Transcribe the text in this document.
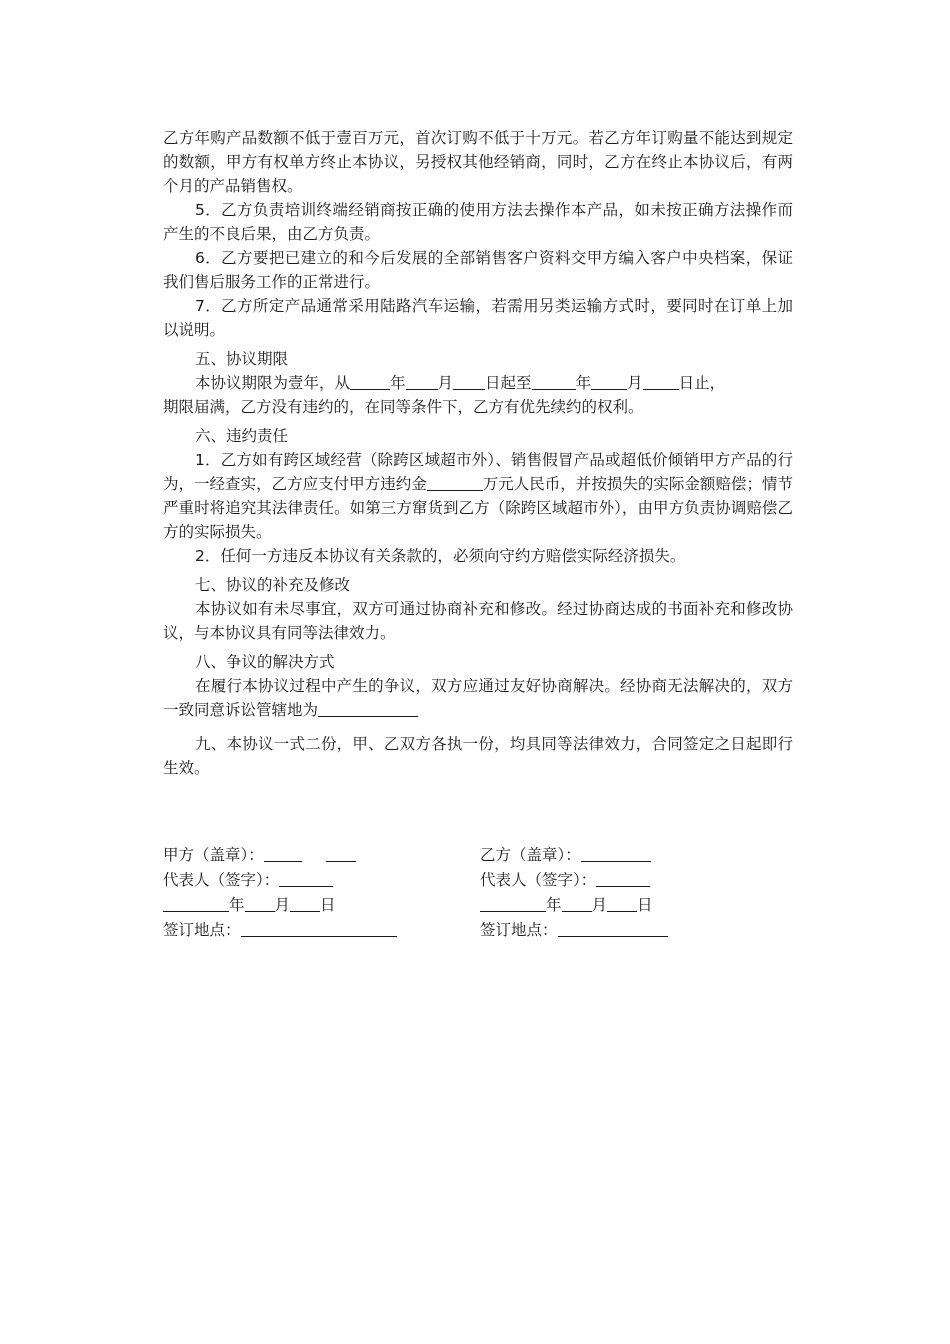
乙方年购产品数额不低于壹百万元，首次订购不低于十万元。若乙方年订购量不能达到规定的数额，甲方有权单方终止本协议，另授权其他经销商，同时，乙方在终止本协议后，有两个月的产品销售权。

5．乙方负责培训终端经销商按正确的使用方法去操作本产品，如未按正确方法操作而产生的不良后果，由乙方负责。

6．乙方要把已建立的和今后发展的全部销售客户资料交甲方编入客户中央档案，保证我们售后服务工作的正常进行。

7．乙方所定产品通常采用陆路汽车运输，若需用另类运输方式时，要同时在订单上加以说明。

五、协议期限

本协议期限为壹年，从	年 月 日起至	年 月 日止，

期限届满，乙方没有违约的，在同等条件下，乙方有优先续约的权利。

六、违约责任

1．乙方如有跨区域经营（除跨区域超市外）、销售假冒产品或超低价倾销甲方产品的行为，一经查实，乙方应支付甲方违约金	万元人民币，并按损失的实际金额赔偿；情节严重时将追究其法律责任。如第三方窜货到乙方（除跨区域超市外），由甲方负责协调赔偿乙方的实际损失。

2．任何一方违反本协议有关条款的，必须向守约方赔偿实际经济损失。

七、协议的补充及修改

本协议如有未尽事宜，双方可通过协商补充和修改。经过协商达成的书面补充和修改协议，与本协议具有同等法律效力。

八、争议的解决方式

在履行本协议过程中产生的争议，双方应通过友好协商解决。经协商无法解决的，双方一致同意诉讼管辖地为

九、本协议一式二份，甲、乙双方各执一份，均具同等法律效力，合同签定之日起即行生效。

甲方（盖章）：	乙方（盖章）：
代表人（签字）：	代表人（签字）：
年 月 日	年 月 日
签订地点：	签订地点：
